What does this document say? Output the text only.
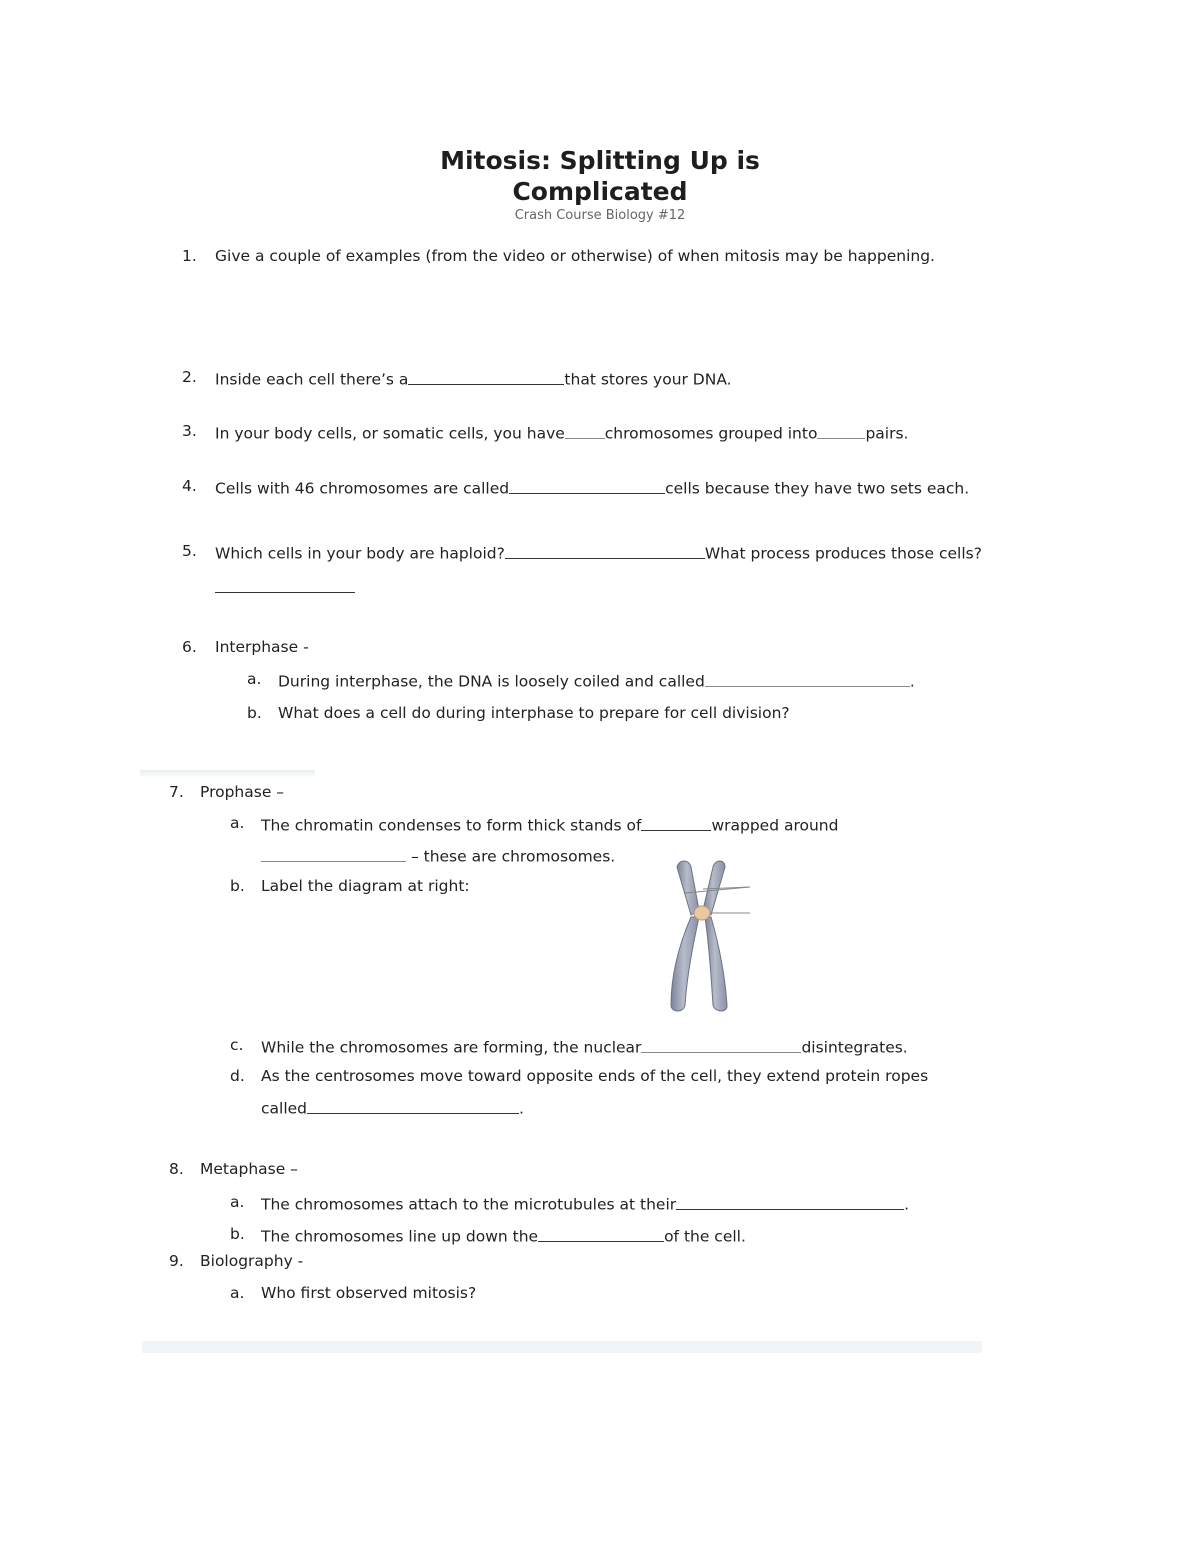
Mitosis: Splitting Up is
Complicated
Crash Course Biology #12
1. Give a couple of examples (from the video or otherwise) of when mitosis may be happening.
2. Inside each cell there’s a	that stores your DNA.
3. In your body cells, or somatic cells, you have	chromosomes grouped into	pairs.
4. Cells with 46 chromosomes are called	cells because they have two sets each.
5. Which cells in your body are haploid?	What process produces those cells?
6. Interphase -
a. During interphase, the DNA is loosely coiled and called	.
b. What does a cell do during interphase to prepare for cell division?
7. Prophase –
a. The chromatin condenses to form thick stands of	wrapped around
– these are chromosomes.
b. Label the diagram at right:
c. While the chromosomes are forming, the nuclear	disintegrates.
d. As the centrosomes move toward opposite ends of the cell, they extend protein ropes
called	.
8. Metaphase –
a. The chromosomes attach to the microtubules at their	.
b. The chromosomes line up down the	of the cell.
9. Biolography -
a. Who first observed mitosis?
